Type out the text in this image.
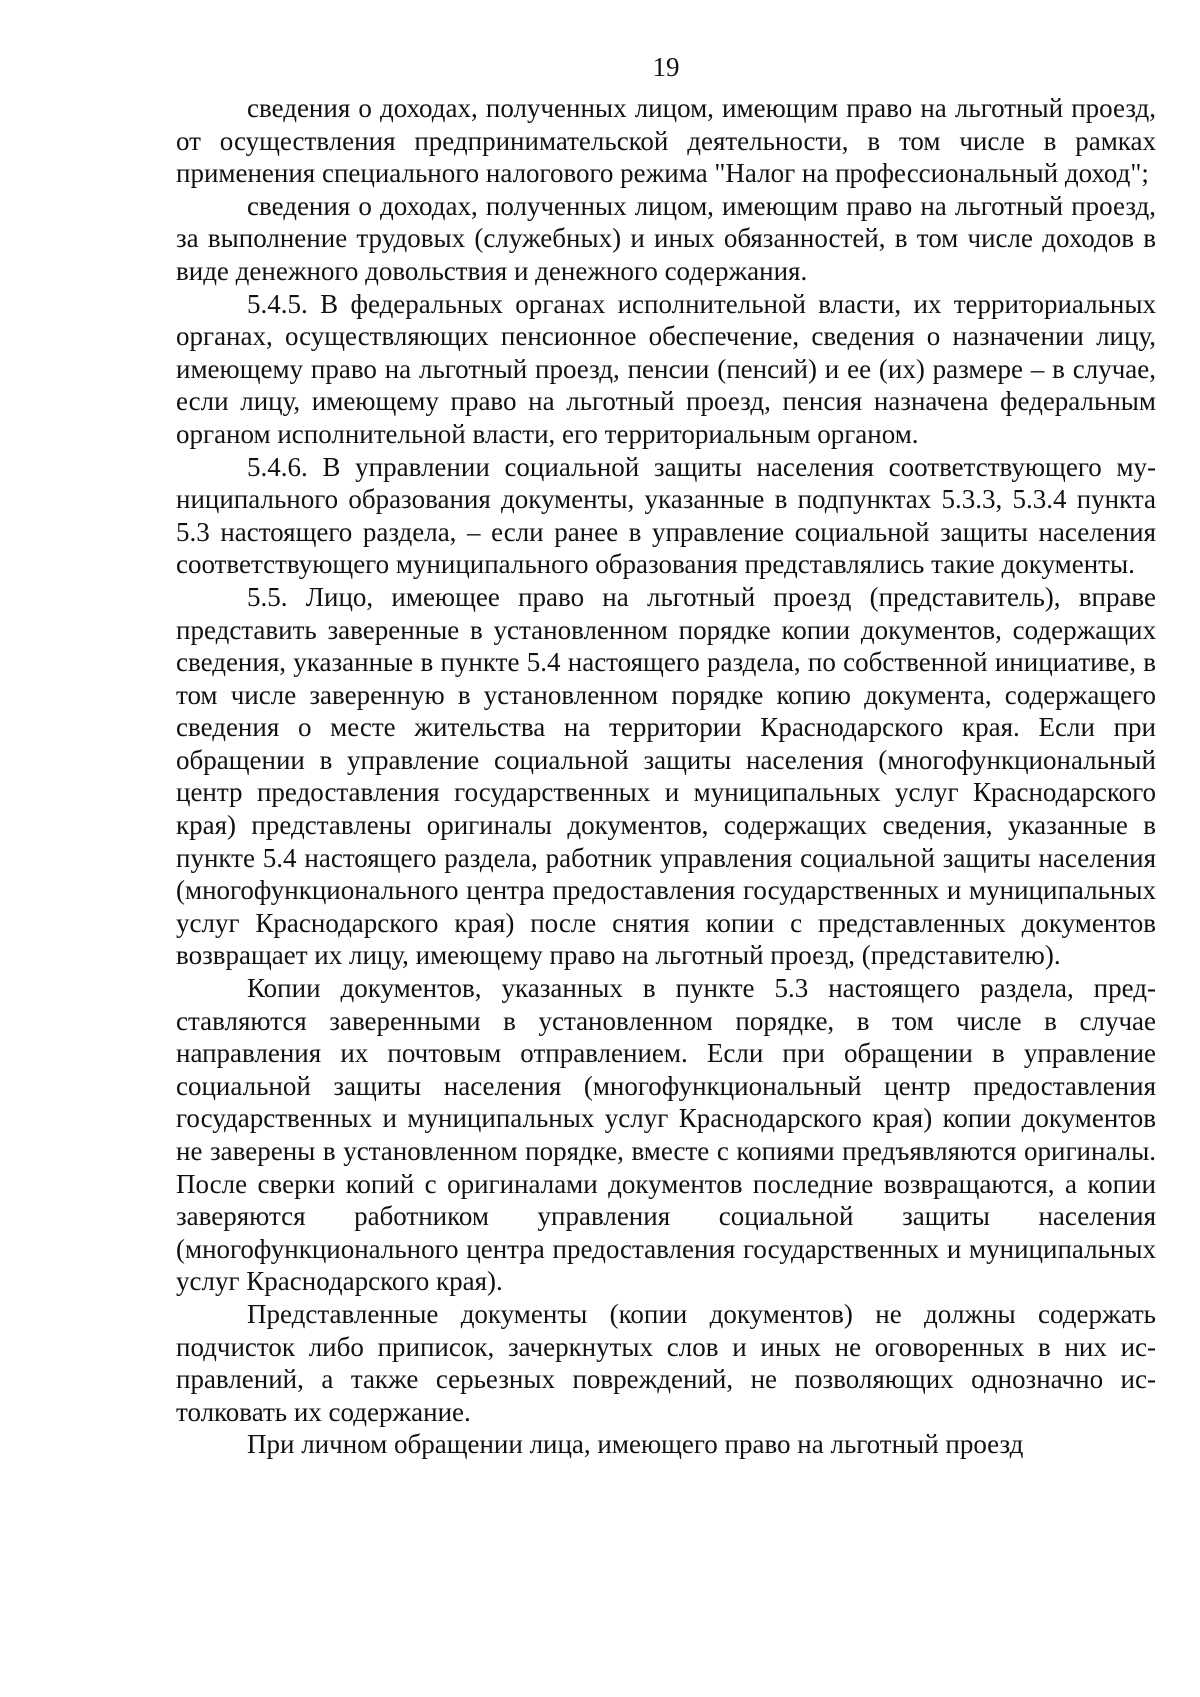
19

сведения о доходах, полученных лицом, имеющим право на льготный проезд, от осуществления предпринимательской деятельности, в том числе в рамках применения специального налогового режима "Налог на профессиональный доход";

сведения о доходах, полученных лицом, имеющим право на льготный проезд, за выполнение трудовых (служебных) и иных обязанностей, в том числе доходов в виде денежного довольствия и денежного содержания.

5.4.5. В федеральных органах исполнительной власти, их территориальных органах, осуществляющих пенсионное обеспечение, сведения о назначении лицу, имеющему право на льготный проезд, пенсии (пенсий) и ее (их) размере – в случае, если лицу, имеющему право на льготный проезд, пенсия назначена федеральным органом исполнительной власти, его территориальным органом.

5.4.6. В управлении социальной защиты населения соответствующего муниципального образования документы, указанные в подпунктах 5.3.3, 5.3.4 пункта 5.3 настоящего раздела, – если ранее в управление социальной защиты населения соответствующего муниципального образования представлялись такие документы.

5.5. Лицо, имеющее право на льготный проезд (представитель), вправе представить заверенные в установленном порядке копии документов, содержащих сведения, указанные в пункте 5.4 настоящего раздела, по собственной инициативе, в том числе заверенную в установленном порядке копию документа, содержащего сведения о месте жительства на территории Краснодарского края. Если при обращении в управление социальной защиты населения (многофункциональный центр предоставления государственных и муниципальных услуг Краснодарского края) представлены оригиналы документов, содержащих сведения, указанные в пункте 5.4 настоящего раздела, работник управления социальной защиты населения (многофункционального центра предоставления государственных и муниципальных услуг Краснодарского края) после снятия копии с представленных документов возвращает их лицу, имеющему право на льготный проезд, (представителю).

Копии документов, указанных в пункте 5.3 настоящего раздела, представляются заверенными в установленном порядке, в том числе в случае направления их почтовым отправлением. Если при обращении в управление социальной защиты населения (многофункциональный центр предоставления государственных и муниципальных услуг Краснодарского края) копии документов не заверены в установленном порядке, вместе с копиями предъявляются оригиналы. После сверки копий с оригиналами документов последние возвращаются, а копии заверяются работником управления социальной защиты населения (многофункционального центра предоставления государственных и муниципальных услуг Краснодарского края).

Представленные документы (копии документов) не должны содержать подчисток либо приписок, зачеркнутых слов и иных не оговоренных в них исправлений, а также серьезных повреждений, не позволяющих однозначно истолковать их содержание.

При личном обращении лица, имеющего право на льготный проезд
